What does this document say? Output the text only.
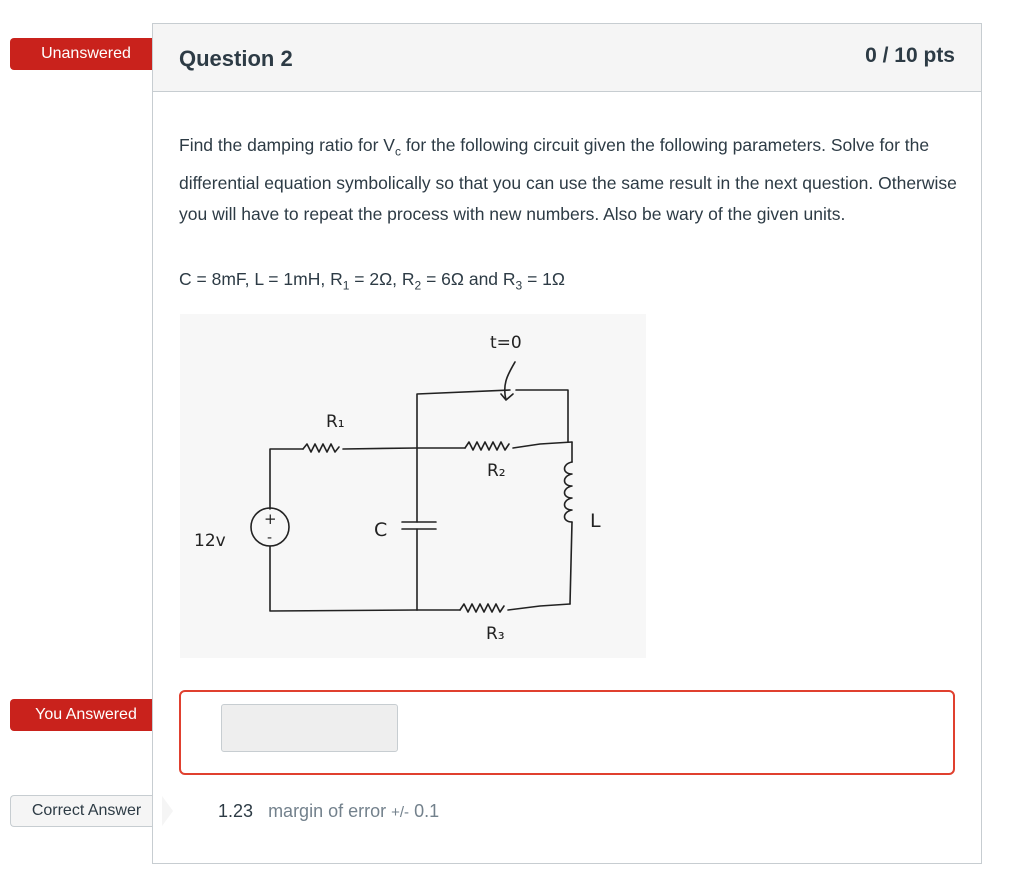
Unanswered
You Answered
Correct Answer
Question 2	0 / 10 pts
Find the damping ratio for $V_c$ for the following circuit given the following parameters. Solve for the differential equation symbolically so that you can use the same result in the next question. Otherwise you will have to repeat the process with new numbers. Also be wary of the given units.
C = 8mF, L = 1mH, $R_1 = 2\Omega$, $R_2 = 6\Omega$ and $R_3 = 1\Omega$
t=0
R₁
R₂
R₃
12v	C	L
+
-
1.23 margin of error +/- 0.1
